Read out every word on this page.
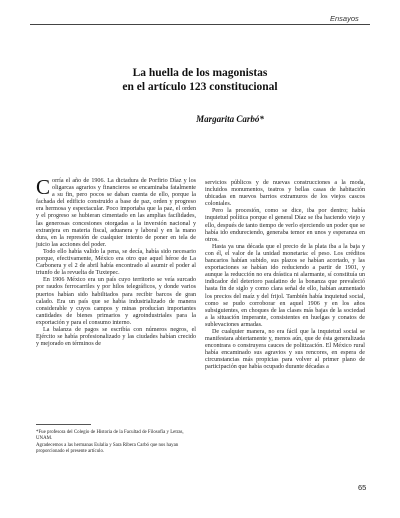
Ensayos
La huella de los magonistas
en el artículo 123 constitucional
Margarita Carbó*

Corría el año de 1906. La dictadura de Porfirio Díaz y los oligarcas agrarios y financieros se encaminaba fatalmente a su fin, pero pocos se daban cuenta de ello, porque la fachada del edificio construido a base de paz, orden y progreso era hermosa y espectacular. Poco importaba que la paz, el orden y el progreso se hubieran cimentado en las amplias facilidades, las generosas concesiones otorgadas a la inversión nacional y extranjera en materia fiscal, aduanera y laboral y en la mano dura, en la represión de cualquier intento de poner en tela de juicio las acciones del poder.

Todo ello había valido la pena, se decía, había sido necesario porque, efectivamente, México era otro que aquel héroe de La Carbonera y el 2 de abril había encontrado al asumir el poder al triunfo de la revuelta de Tuxtepec.

En 1906 México era un país cuyo territorio se veía surcado por raudos ferrocarriles y por hilos telegráficos, y donde varios puertos habían sido habilitados para recibir barcos de gran calado. Era un país que se había industrializado de manera considerable y cuyos campos y minas producían importantes cantidades de bienes primarios y agroindustriales para la exportación y para el consumo interno.

La balanza de pagos se escribía con números negros, el Ejército se había profesionalizado y las ciudades habían crecido y mejorado en términos de

servicios públicos y de nuevas construcciones a la moda, incluidos monumentos, teatros y bellas casas de habitación ubicadas en nuevos barrios extramuros de los viejos cascos coloniales.

Pero la procesión, como se dice, iba por dentro; había inquietud política porque el general Díaz se iba haciendo viejo y ello, después de tanto tiempo de verlo ejerciendo un poder que se había ido endureciendo, generaba temor en unos y esperanza en otros.

Hasta ya una década que el precio de la plata iba a la baja y con él, el valor de la unidad monetaria: el peso. Los créditos bancarios habían subido, sus plazos se habían acortado, y las exportaciones se habían ido reduciendo a partir de 1901, y aunque la reducción no era drástica ni alarmante, sí constituía un indicador del deterioro paulatino de la bonanza que prevaleció hasta fin de siglo y como clara señal de ello, habían aumentado los precios del maíz y del frijol. También había inquietud social, como se pudo corroborar en aquel 1906 y en los años subsiguientes, en choques de las clases más bajas de la sociedad a la situación imperante, consistentes en huelgas y conatos de sublevaciones armadas.

De cualquier manera, no era fácil que la inquietud social se manifestara abiertamente y, menos aún, que de ésta generalizada encontrara o construyera cauces de politización. El México rural había encaminado sus agravios y sus rencores, en espera de circunstancias más propicias para volver al primer plano de participación que había ocupado durante décadas a

*Fue profesora del Colegio de Historia de la Facultad de Filosofía y Letras, UNAM.

Agradecemos a las hermanas Eulalia y Sara Ribera Carbó que nos hayan proporcionado el presente artículo.

65
